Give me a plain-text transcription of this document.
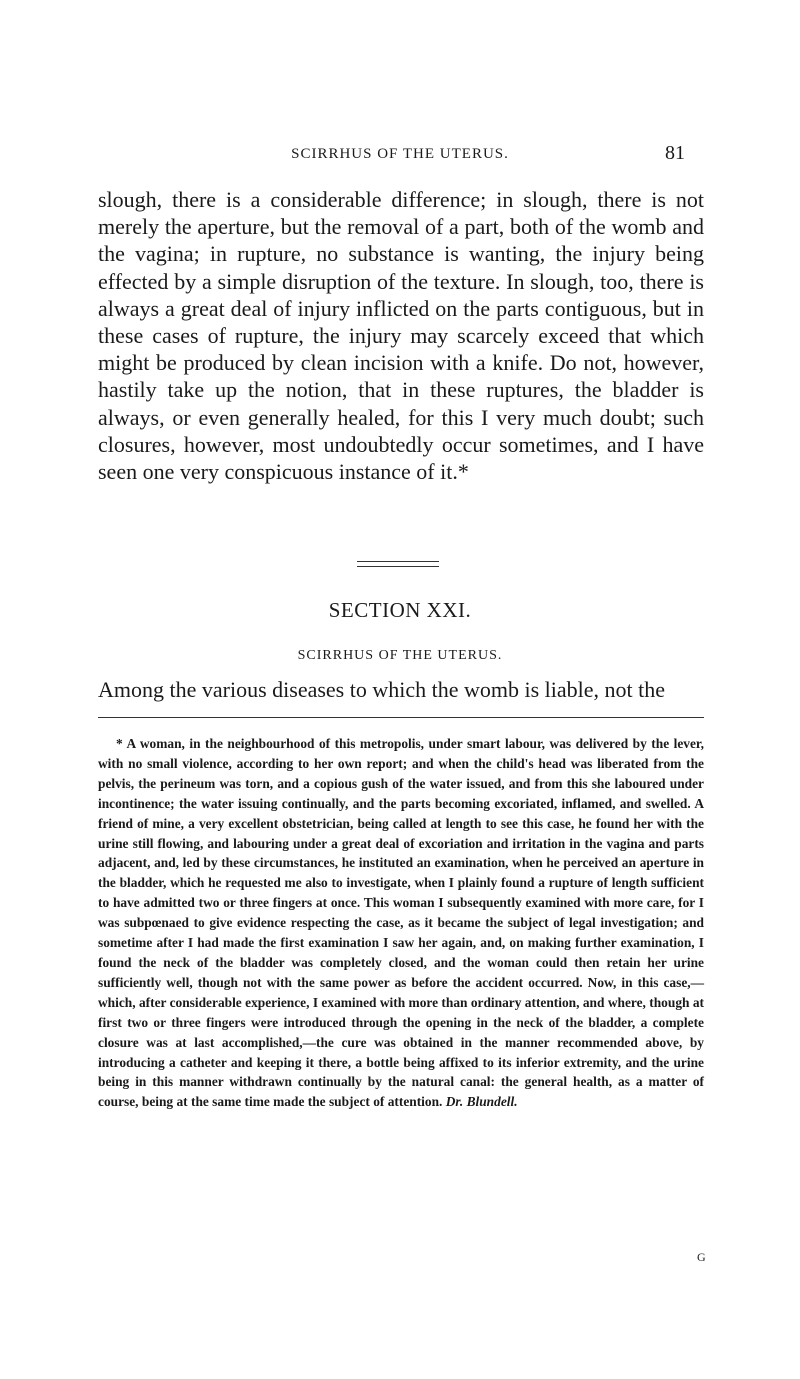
SCIRRHUS OF THE UTERUS.	81

slough, there is a considerable difference; in slough, there is not merely the aperture, but the removal of a part, both of the womb and the vagina; in rupture, no substance is wanting, the injury being effected by a simple disruption of the texture. In slough, too, there is always a great deal of injury inflicted on the parts contiguous, but in these cases of rupture, the injury may scarcely exceed that which might be produced by clean incision with a knife. Do not, however, hastily take up the notion, that in these ruptures, the bladder is always, or even generally healed, for this I very much doubt; such closures, however, most undoubtedly occur sometimes, and I have seen one very conspicuous instance of it.*

SECTION XXI.
SCIRRHUS OF THE UTERUS.

Among the various diseases to which the womb is liable, not the

* A woman, in the neighbourhood of this metropolis, under smart labour, was delivered by the lever, with no small violence, according to her own report; and when the child's head was liberated from the pelvis, the perineum was torn, and a copious gush of the water issued, and from this she laboured under incontinence; the water issuing continually, and the parts becoming excoriated, inflamed, and swelled. A friend of mine, a very excellent obstetrician, being called at length to see this case, he found her with the urine still flowing, and labouring under a great deal of excoriation and irritation in the vagina and parts adjacent, and, led by these circumstances, he instituted an examination, when he perceived an aperture in the bladder, which he requested me also to investigate, when I plainly found a rupture of length sufficient to have admitted two or three fingers at once. This woman I subsequently examined with more care, for I was subpœnaed to give evidence respecting the case, as it became the subject of legal investigation; and sometime after I had made the first examination I saw her again, and, on making further examination, I found the neck of the bladder was completely closed, and the woman could then retain her urine sufficiently well, though not with the same power as before the accident occurred. Now, in this case,—which, after considerable experience, I examined with more than ordinary attention, and where, though at first two or three fingers were introduced through the opening in the neck of the bladder, a complete closure was at last accomplished,—the cure was obtained in the manner recommended above, by introducing a catheter and keeping it there, a bottle being affixed to its inferior extremity, and the urine being in this manner withdrawn continually by the natural canal: the general health, as a matter of course, being at the same time made the subject of attention. Dr. Blundell.

G
